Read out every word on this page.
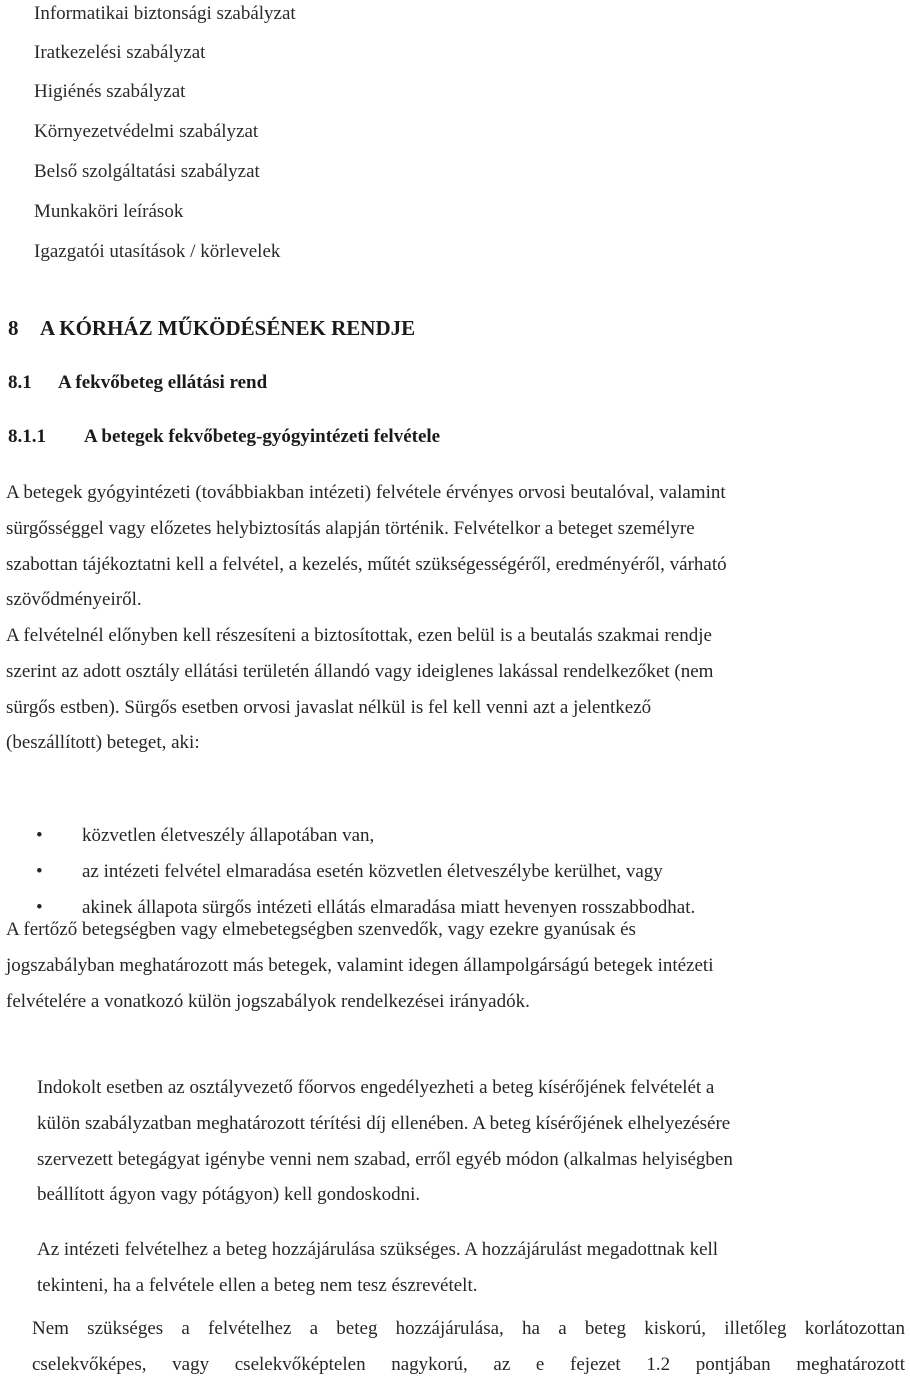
Informatikai biztonsági szabályzat
Iratkezelési szabályzat
Higiénés szabályzat
Környezetvédelmi szabályzat
Belső szolgáltatási szabályzat
Munkaköri leírások
Igazgatói utasítások / körlevelek
8 A KÓRHÁZ MŰKÖDÉSÉNEK RENDJE
8.1 A fekvőbeteg ellátási rend
8.1.1 A betegek fekvőbeteg-gyógyintézeti felvétele
A betegek gyógyintézeti (továbbiakban intézeti) felvétele érvényes orvosi beutalóval, valamint
sürgősséggel vagy előzetes helybiztosítás alapján történik. Felvételkor a beteget személyre
szabottan tájékoztatni kell a felvétel, a kezelés, műtét szükségességéről, eredményéről, várható
szövődményeiről.
A felvételnél előnyben kell részesíteni a biztosítottak, ezen belül is a beutalás szakmai rendje
szerint az adott osztály ellátási területén állandó vagy ideiglenes lakással rendelkezőket (nem
sürgős estben). Sürgős esetben orvosi javaslat nélkül is fel kell venni azt a jelentkező
(beszállított) beteget, aki:
• közvetlen életveszély állapotában van,
• az intézeti felvétel elmaradása esetén közvetlen életveszélybe kerülhet, vagy
• akinek állapota sürgős intézeti ellátás elmaradása miatt hevenyen rosszabbodhat.
A fertőző betegségben vagy elmebetegségben szenvedők, vagy ezekre gyanúsak és
jogszabályban meghatározott más betegek, valamint idegen állampolgárságú betegek intézeti
felvételére a vonatkozó külön jogszabályok rendelkezései irányadók.
Indokolt esetben az osztályvezető főorvos engedélyezheti a beteg kísérőjének felvételét a
külön szabályzatban meghatározott térítési díj ellenében. A beteg kísérőjének elhelyezésére
szervezett betegágyat igénybe venni nem szabad, erről egyéb módon (alkalmas helyiségben
beállított ágyon vagy pótágyon) kell gondoskodni.
Az intézeti felvételhez a beteg hozzájárulása szükséges. A hozzájárulást megadottnak kell
tekinteni, ha a felvétele ellen a beteg nem tesz észrevételt.
Nem szükséges a felvételhez a beteg hozzájárulása, ha a beteg kiskorú, illetőleg korlátozottan
cselekvőképes, vagy cselekvőképtelen nagykorú, az e fejezet 1.2 pontjában meghatározott
